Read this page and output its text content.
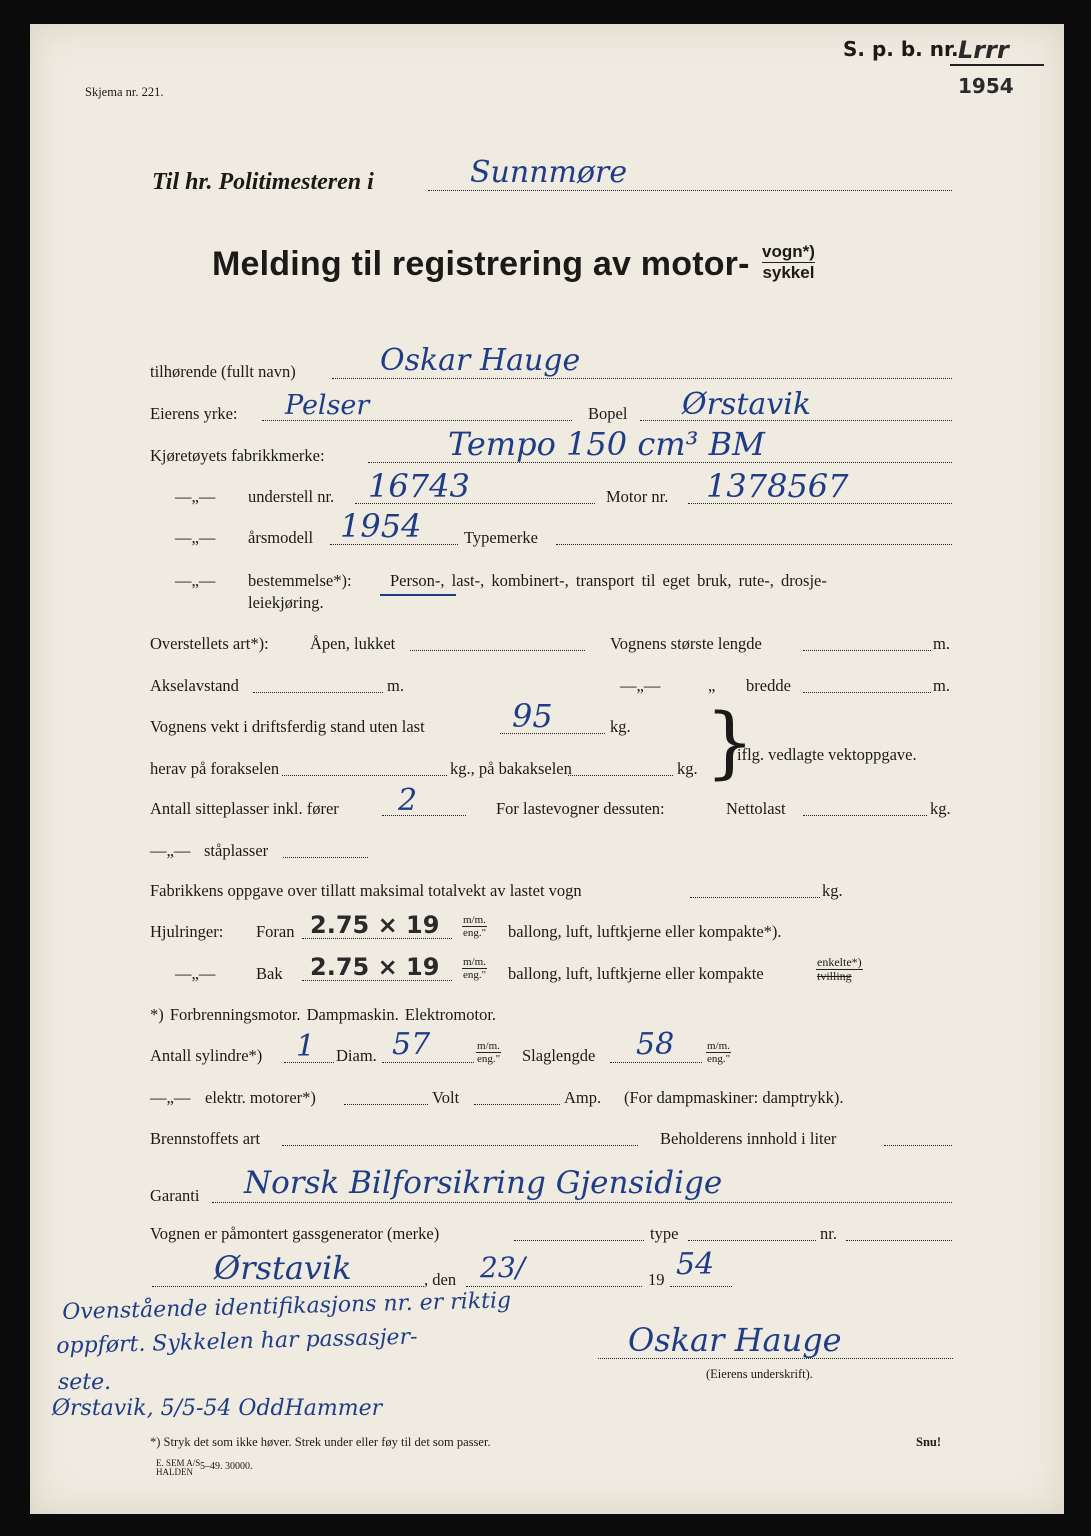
Skjema nr. 221.
S. p. b. nr. Lrrr
1954
Til hr. Politimesteren i	Sunnmøre
Melding til registrering av motor- vogn*)
sykkel
tilhørende (fullt navn)	Oskar Hauge
Eierens yrke: Pelser	Bopel Ørstavik
Kjøretøyets fabrikkmerke:	Tempo 150 cm³ BM
—„— understell nr. 16743	Motor nr. 1378567
—„— årsmodell 1954	Typemerke
—„— bestemmelse*): Person-, last-, kombinert-, transport til eget bruk, rute-, drosje-
leiekjøring.
Overstellets art*):	Åpen, lukket	Vognens største lengde	m.
Akselavstand	m.	—„—	„ bredde	m.
Vognens vekt i driftsferdig stand uten last	95	kg. }
iflg. vedlagte vektoppgave.
herav på forakselen	kg., på bakakselen	kg.
Antall sitteplasser inkl. fører 2	For lastevogner dessuten:	Nettolast	kg.
—„— ståplasser
Fabrikkens oppgave over tillatt maksimal totalvekt av lastet vogn	kg.
Hjulringer: Foran 2.75 × 19 m/m.
eng." ballong, luft, luftkjerne eller kompakte*).
—„— Bak 2.75 × 19 m/m.
eng." ballong, luft, luftkjerne eller kompakte
enkelte*)
tvilling
*) Forbrenningsmotor. Dampmaskin. Elektromotor.
Antall sylindre*) 1 Diam. 57	m/m.
eng." Slaglengde 58	m/m.
eng."
—„— elektr. motorer*)	Volt	Amp. (For dampmaskiner: damptrykk).
Brennstoffets art	Beholderens innhold i liter
Garanti Norsk Bilforsikring Gjensidige
Vognen er påmontert gassgenerator (merke)	type	nr.
Ørstavik	, den 23/	19 54
Oskar Hauge
(Eierens underskrift).
Ovenstående identifikasjons nr. er riktig
oppført. Sykkelen har passasjer-
sete.
Ørstavik, 5/5-54 OddHammer
*) Stryk det som ikke høver. Strek under eller føy til det som passer.	Snu!
E. SEM A/S
HALDEN 5–49. 30000.
